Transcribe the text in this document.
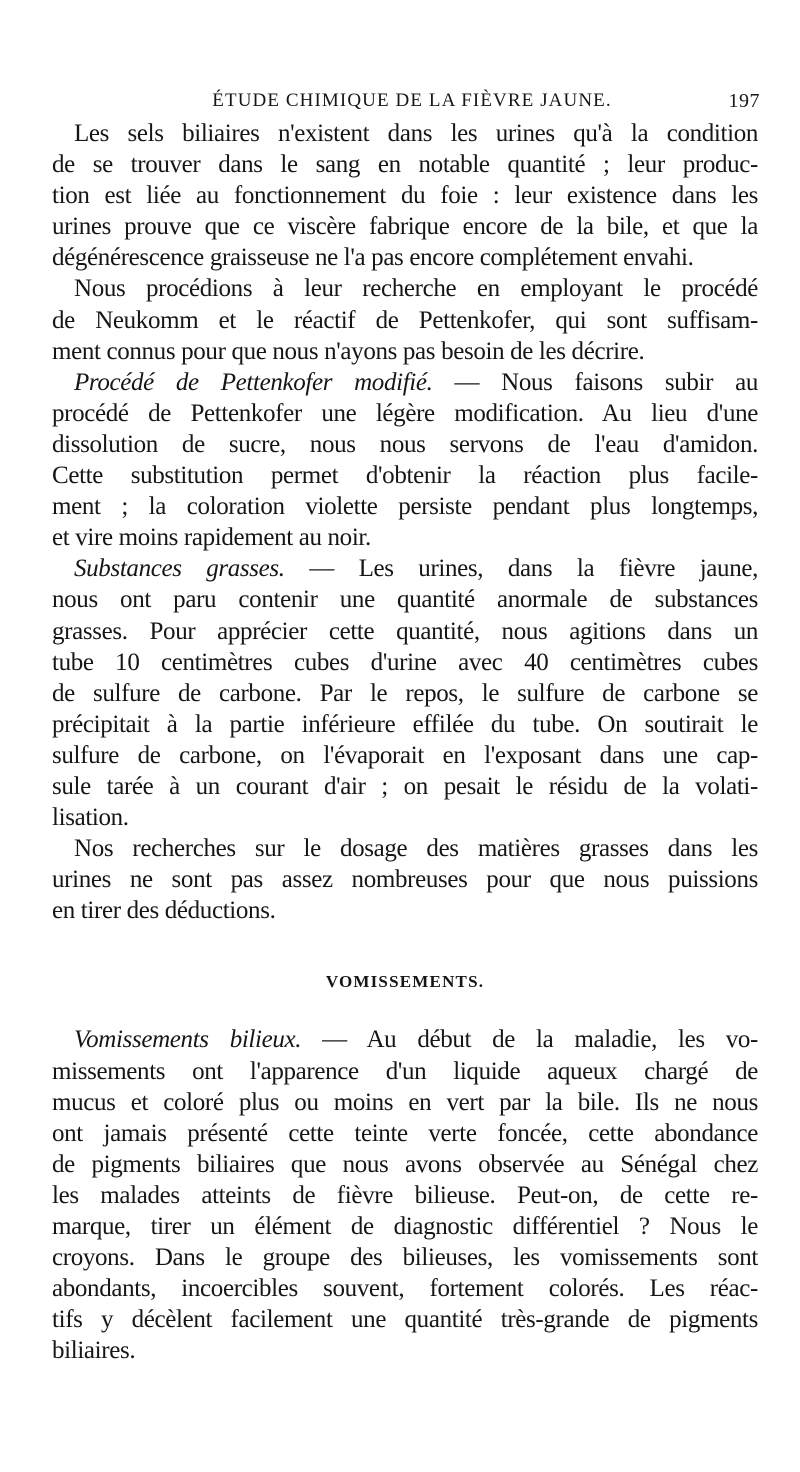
ÉTUDE CHIMIQUE DE LA FIÈVRE JAUNE.	197
Les sels biliaires n'existent dans les urines qu'à la condition
de se trouver dans le sang en notable quantité ; leur produc-
tion est liée au fonctionnement du foie : leur existence dans les
urines prouve que ce viscère fabrique encore de la bile, et que la
dégénérescence graisseuse ne l'a pas encore complétement envahi.
Nous procédions à leur recherche en employant le procédé
de Neukomm et le réactif de Pettenkofer, qui sont suffisam-
ment connus pour que nous n'ayons pas besoin de les décrire.
Procédé de Pettenkofer modifié. — Nous faisons subir au
procédé de Pettenkofer une légère modification. Au lieu d'une
dissolution de sucre, nous nous servons de l'eau d'amidon.
Cette substitution permet d'obtenir la réaction plus facile-
ment ; la coloration violette persiste pendant plus longtemps,
et vire moins rapidement au noir.
Substances grasses. — Les urines, dans la fièvre jaune,
nous ont paru contenir une quantité anormale de substances
grasses. Pour apprécier cette quantité, nous agitions dans un
tube 10 centimètres cubes d'urine avec 40 centimètres cubes
de sulfure de carbone. Par le repos, le sulfure de carbone se
précipitait à la partie inférieure effilée du tube. On soutirait le
sulfure de carbone, on l'évaporait en l'exposant dans une cap-
sule tarée à un courant d'air ; on pesait le résidu de la volati-
lisation.
Nos recherches sur le dosage des matières grasses dans les
urines ne sont pas assez nombreuses pour que nous puissions
en tirer des déductions.
VOMISSEMENTS.
Vomissements bilieux. — Au début de la maladie, les vo-
missements ont l'apparence d'un liquide aqueux chargé de
mucus et coloré plus ou moins en vert par la bile. Ils ne nous
ont jamais présenté cette teinte verte foncée, cette abondance
de pigments biliaires que nous avons observée au Sénégal chez
les malades atteints de fièvre bilieuse. Peut-on, de cette re-
marque, tirer un élément de diagnostic différentiel ? Nous le
croyons. Dans le groupe des bilieuses, les vomissements sont
abondants, incoercibles souvent, fortement colorés. Les réac-
tifs y décèlent facilement une quantité très-grande de pigments
biliaires.
